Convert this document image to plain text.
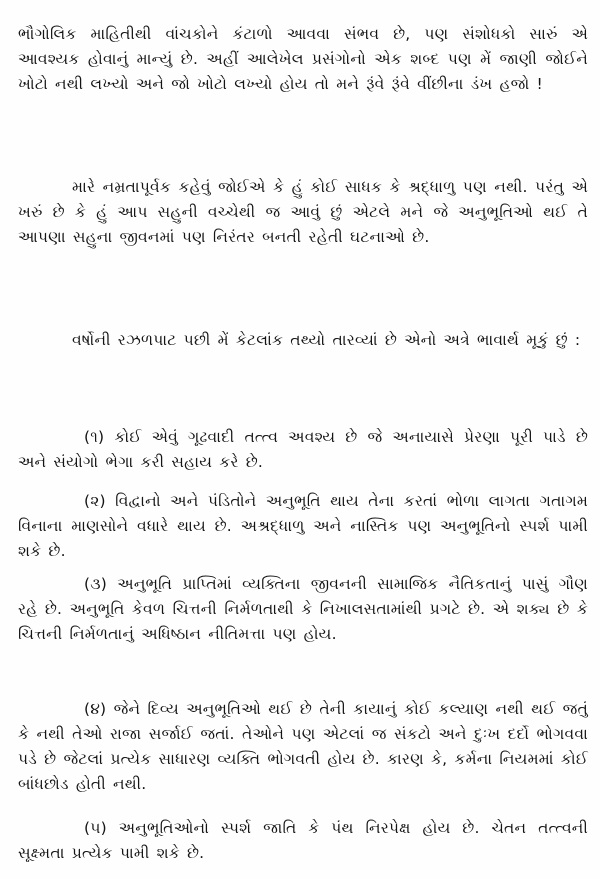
ભૌગોલિક માહિતીથી વાંચકોને કંટાળો આવવા સંભવ છે, પણ સંશોધકો સારું એ આવશ્યક હોવાનું માન્યું છે. અહીં આલેખેલ પ્રસંગોનો એક શબ્દ પણ મેં જાણી જોઈને ખોટો નથી લખ્યો અને જો ખોટો લખ્યો હોય તો મને રૂંવે રૂંવે વીંછીના ડંખ હજો !

મારે નમ્રતાપૂર્વક કહેવું જોઈએ કે હું કોઈ સાધક કે શ્રદ્ધાળુ પણ નથી. પરંતુ એ ખરું છે કે હું આપ સહુની વચ્ચેથી જ આવું છું એટલે મને જે અનુભૂતિઓ થઈ તે આપણા સહુના જીવનમાં પણ નિરંતર બનતી રહેતી ઘટનાઓ છે.

વર્ષોની રઝળપાટ પછી મેં કેટલાંક તથ્યો તારવ્યાં છે એનો અત્રે ભાવાર્થ મૂકું છું :

(૧) કોઈ એવું ગૂઢવાદી તત્ત્વ અવશ્ય છે જે અનાયાસે પ્રેરણા પૂરી પાડે છે અને સંયોગો ભેગા કરી સહાય કરે છે.

(૨) વિદ્વાનો અને પંડિતોને અનુભૂતિ થાય તેના કરતાં ભોળા લાગતા ગતાગમ વિનાના માણસોને વધારે થાય છે. અશ્રદ્ધાળુ અને નાસ્તિક પણ અનુભૂતિનો સ્પર્શ પામી શકે છે.

(૩) અનુભૂતિ પ્રાપ્તિમાં વ્યક્તિના જીવનની સામાજિક નૈતિકતાનું પાસું ગૌણ રહે છે. અનુભૂતિ કેવળ ચિત્તની નિર્મળતાથી કે નિખાલસતામાંથી પ્રગટે છે. એ શક્ય છે કે ચિત્તની નિર્મળતાનું અધિષ્ઠાન નીતિમત્તા પણ હોય.

(૪) જેને દિવ્ય અનુભૂતિઓ થઈ છે તેની કાયાનું કોઈ કલ્યાણ નથી થઈ જતું કે નથી તેઓ રાજા સર્જાઈ જતાં. તેઓને પણ એટલાં જ સંકટો અને દુઃખ દર્દો ભોગવવા પડે છે જેટલાં પ્રત્યેક સાધારણ વ્યક્તિ ભોગવતી હોય છે. કારણ કે, કર્મના નિયમમાં કોઈ બાંધછોડ હોતી નથી.

(૫) અનુભૂતિઓનો સ્પર્શ જાતિ કે પંથ નિરપેક્ષ હોય છે. ચેતન તત્ત્વની સૂક્ષ્મતા પ્રત્યેક પામી શકે છે.
